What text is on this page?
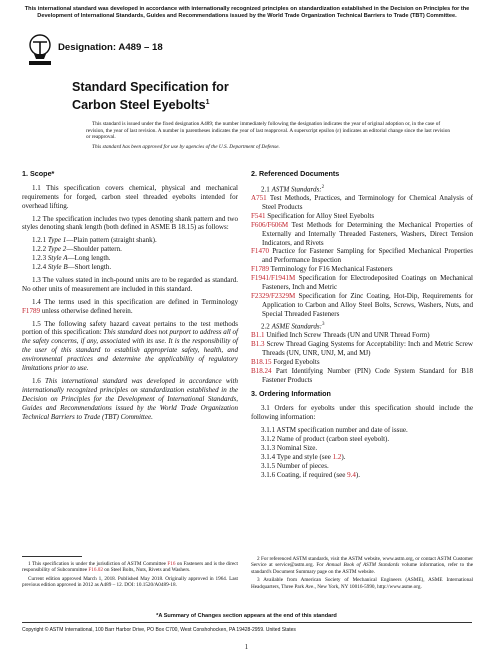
This international standard was developed in accordance with internationally recognized principles on standardization established in the Decision on Principles for the Development of International Standards, Guides and Recommendations issued by the World Trade Organization Technical Barriers to Trade (TBT) Committee.
Designation: A489 – 18
Standard Specification for
Carbon Steel Eyebolts$^1$

This standard is issued under the fixed designation A489; the number immediately following the designation indicates the year of original adoption or, in the case of revision, the year of last revision. A number in parentheses indicates the year of last reapproval. A superscript epsilon (ε) indicates an editorial change since the last revision or reapproval.

This standard has been approved for use by agencies of the U.S. Department of Defense.

1. Scope*

1.1 This specification covers chemical, physical and mechanical requirements for forged, carbon steel threaded eyebolts intended for overhead lifting.

1.2 The specification includes two types denoting shank pattern and two styles denoting shank length (both defined in ASME B 18.15) as follows:

1.2.1 Type 1—Plain pattern (straight shank).
1.2.2 Type 2—Shoulder pattern.
1.2.3 Style A—Long length.
1.2.4 Style B—Short length.

1.3 The values stated in inch-pound units are to be regarded as standard. No other units of measurement are included in this standard.

1.4 The terms used in this specification are defined in Terminology F1789 unless otherwise defined herein.

1.5 The following safety hazard caveat pertains to the test methods portion of this specification: This standard does not purport to address all of the safety concerns, if any, associated with its use. It is the responsibility of the user of this standard to establish appropriate safety, health, and environmental practices and determine the applicability of regulatory limitations prior to use.

1.6 This international standard was developed in accordance with internationally recognized principles on standardization established in the Decision on Principles for the Development of International Standards, Guides and Recommendations issued by the World Trade Organization Technical Barriers to Trade (TBT) Committee.

2. Referenced Documents
2.1 ASTM Standards:$^2$
A751 Test Methods, Practices, and Terminology for Chemical Analysis of Steel Products
F541 Specification for Alloy Steel Eyebolts
F606/F606M Test Methods for Determining the Mechanical Properties of Externally and Internally Threaded Fasteners, Washers, Direct Tension Indicators, and Rivets
F1470 Practice for Fastener Sampling for Specified Mechanical Properties and Performance Inspection
F1789 Terminology for F16 Mechanical Fasteners
F1941/F1941M Specification for Electrodeposited Coatings on Mechanical Fasteners, Inch and Metric
F2329/F2329M Specification for Zinc Coating, Hot-Dip, Requirements for Application to Carbon and Alloy Steel Bolts, Screws, Washers, Nuts, and Special Threaded Fasteners
2.2 ASME Standards:$^3$
B1.1 Unified Inch Screw Threads (UN and UNR Thread Form)
B1.3 Screw Thread Gaging Systems for Acceptability: Inch and Metric Screw Threads (UN, UNR, UNJ, M, and MJ)
B18.15 Forged Eyebolts
B18.24 Part Identifying Number (PIN) Code System Standard for B18 Fastener Products
3. Ordering Information

3.1 Orders for eyebolts under this specification should include the following information:

3.1.1 ASTM specification number and date of issue.
3.1.2 Name of product (carbon steel eyebolt).
3.1.3 Nominal Size.
3.1.4 Type and style (see 1.2).
3.1.5 Number of pieces.
3.1.6 Coating, if required (see 9.4).

1 This specification is under the jurisdiction of ASTM Committee F16 on Fasteners and is the direct responsibility of Subcommittee F16.02 on Steel Bolts, Nuts, Rivets and Washers.

Current edition approved March 1, 2018. Published May 2018. Originally approved in 1964. Last previous edition approved in 2012 as A489 – 12. DOI: 10.1520/A0489-18.

2 For referenced ASTM standards, visit the ASTM website, www.astm.org, or contact ASTM Customer Service at service@astm.org. For Annual Book of ASTM Standards volume information, refer to the standard's Document Summary page on the ASTM website.

3 Available from American Society of Mechanical Engineers (ASME), ASME International Headquarters, Three Park Ave., New York, NY 10016-5990, http://www.asme.org.

*A Summary of Changes section appears at the end of this standard
Copyright © ASTM International, 100 Barr Harbor Drive, PO Box C700, West Conshohocken, PA 19428-2959. United States
1
